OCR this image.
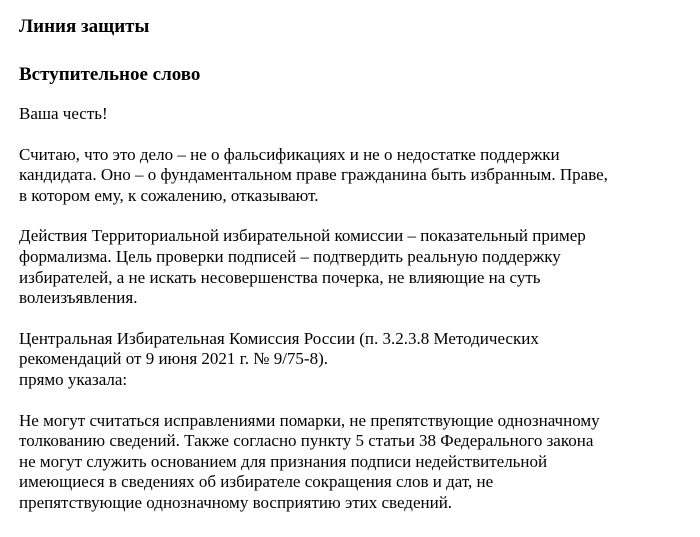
Линия защиты
Вступительное слово

Ваша честь!

Считаю, что это дело – не о фальсификациях и не о недостатке поддержки
кандидата. Оно – о фундаментальном праве гражданина быть избранным. Праве,
в котором ему, к сожалению, отказывают.

Действия Территориальной избирательной комиссии – показательный пример
формализма. Цель проверки подписей – подтвердить реальную поддержку
избирателей, а не искать несовершенства почерка, не влияющие на суть
волеизъявления.

Центральная Избирательная Комиссия России (п. 3.2.3.8 Методических
рекомендаций от 9 июня 2021 г. № 9/75-8).
прямо указала:

Не могут считаться исправлениями помарки, не препятствующие однозначному
толкованию сведений. Также согласно пункту 5 статьи 38 Федерального закона
не могут служить основанием для признания подписи недействительной
имеющиеся в сведениях об избирателе сокращения слов и дат, не
препятствующие однозначному восприятию этих сведений.
